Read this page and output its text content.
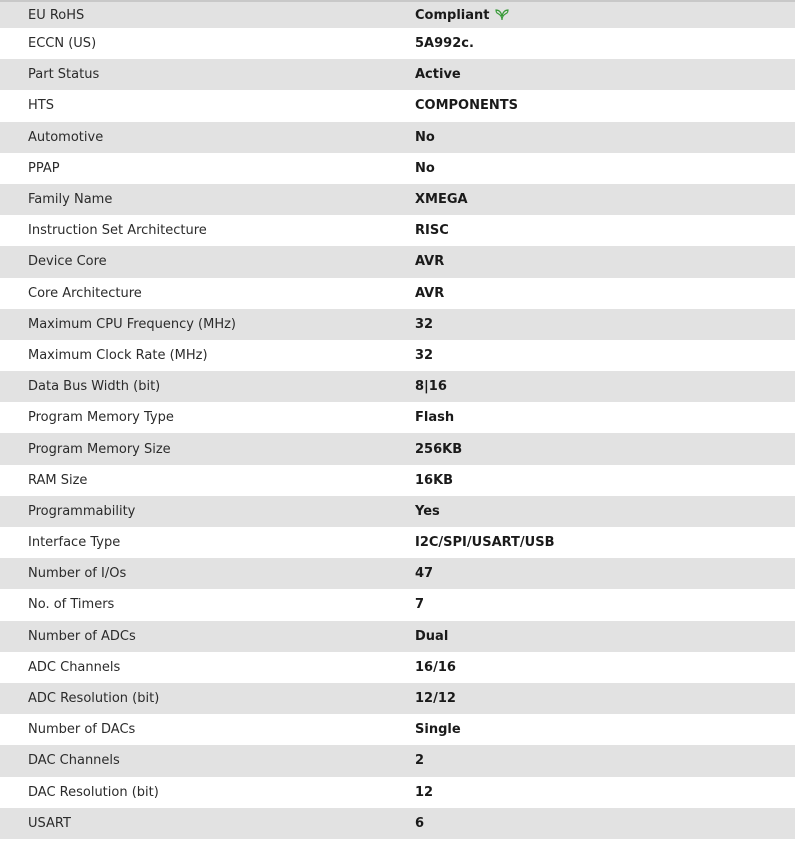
EU RoHS	Compliant
ECCN (US)	5A992c.
Part Status	Active
HTS	COMPONENTS
Automotive	No
PPAP	No
Family Name	XMEGA
Instruction Set Architecture	RISC
Device Core	AVR
Core Architecture	AVR
Maximum CPU Frequency (MHz)	32
Maximum Clock Rate (MHz)	32
Data Bus Width (bit)	8|16
Program Memory Type	Flash
Program Memory Size	256KB
RAM Size	16KB
Programmability	Yes
Interface Type	I2C/SPI/USART/USB
Number of I/Os	47
No. of Timers	7
Number of ADCs	Dual
ADC Channels	16/16
ADC Resolution (bit)	12/12
Number of DACs	Single
DAC Channels	2
DAC Resolution (bit)	12
USART	6
